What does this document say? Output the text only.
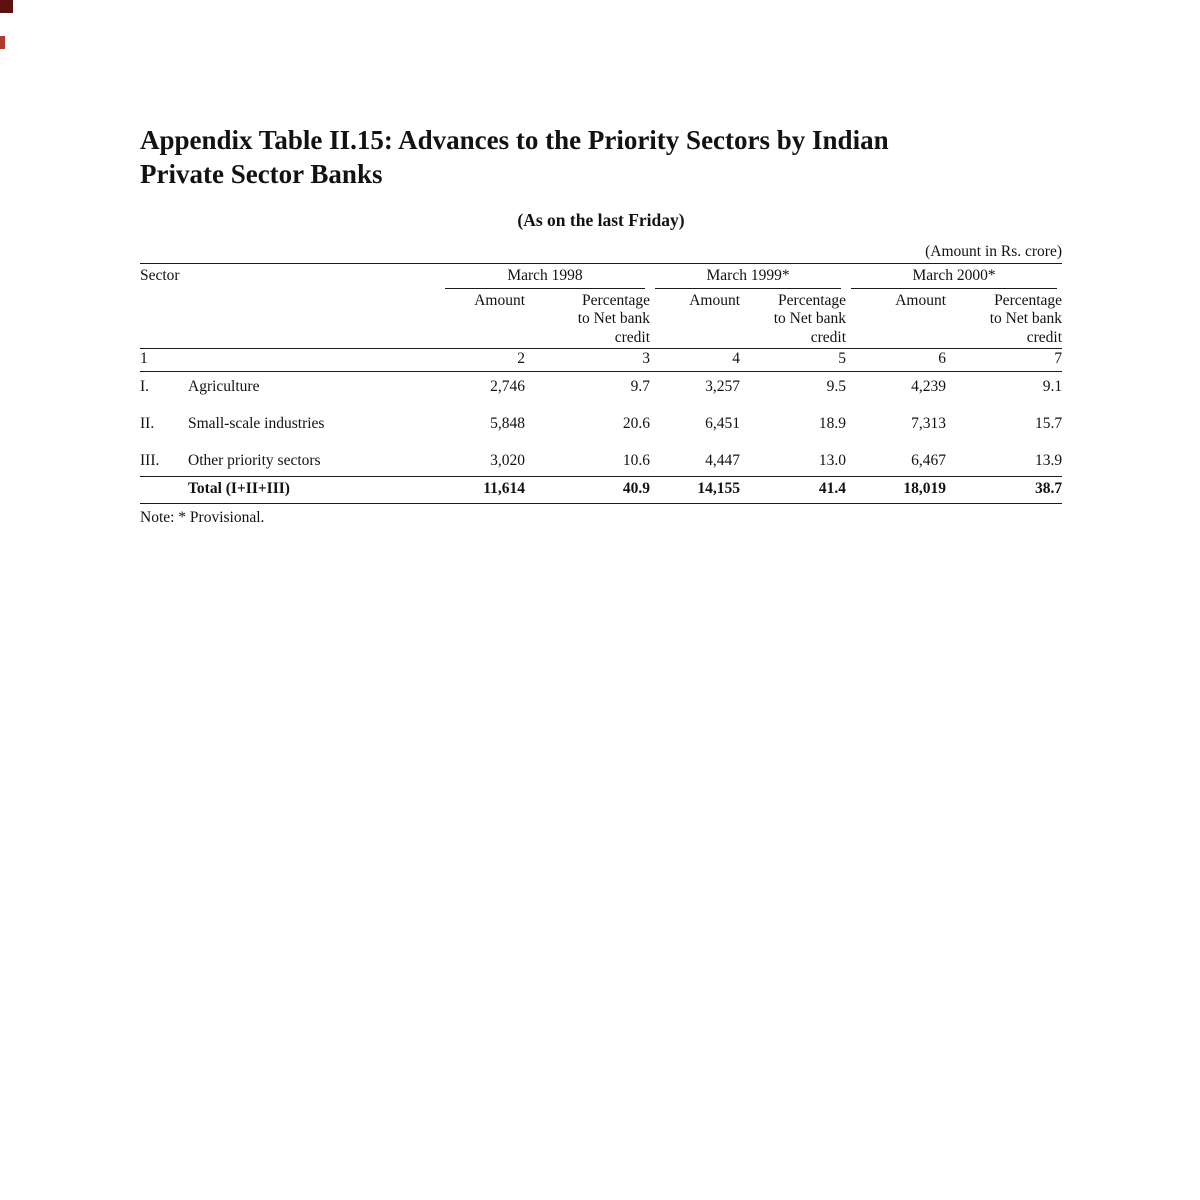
Appendix Table II.15: Advances to the Priority Sectors by Indian
Private Sector Banks
(As on the last Friday)
(Amount in Rs. crore)
Sector		March 1998		March 1999*		March 2000*	

		Amount	Percentage
to Net bank
credit	Amount	Percentage
to Net bank
credit	Amount	Percentage
to Net bank
credit

1		2	3	4	5	6	7
I.	Agriculture	2,746	9.7	3,257	9.5	4,239	9.1
II.	Small-scale industries	5,848	20.6	6,451	18.9	7,313	15.7
III.	Other priority sectors	3,020	10.6	4,447	13.0	6,467	13.9
	Total (I+II+III)	11,614	40.9	14,155	41.4	18,019	38.7
Note: * Provisional.
